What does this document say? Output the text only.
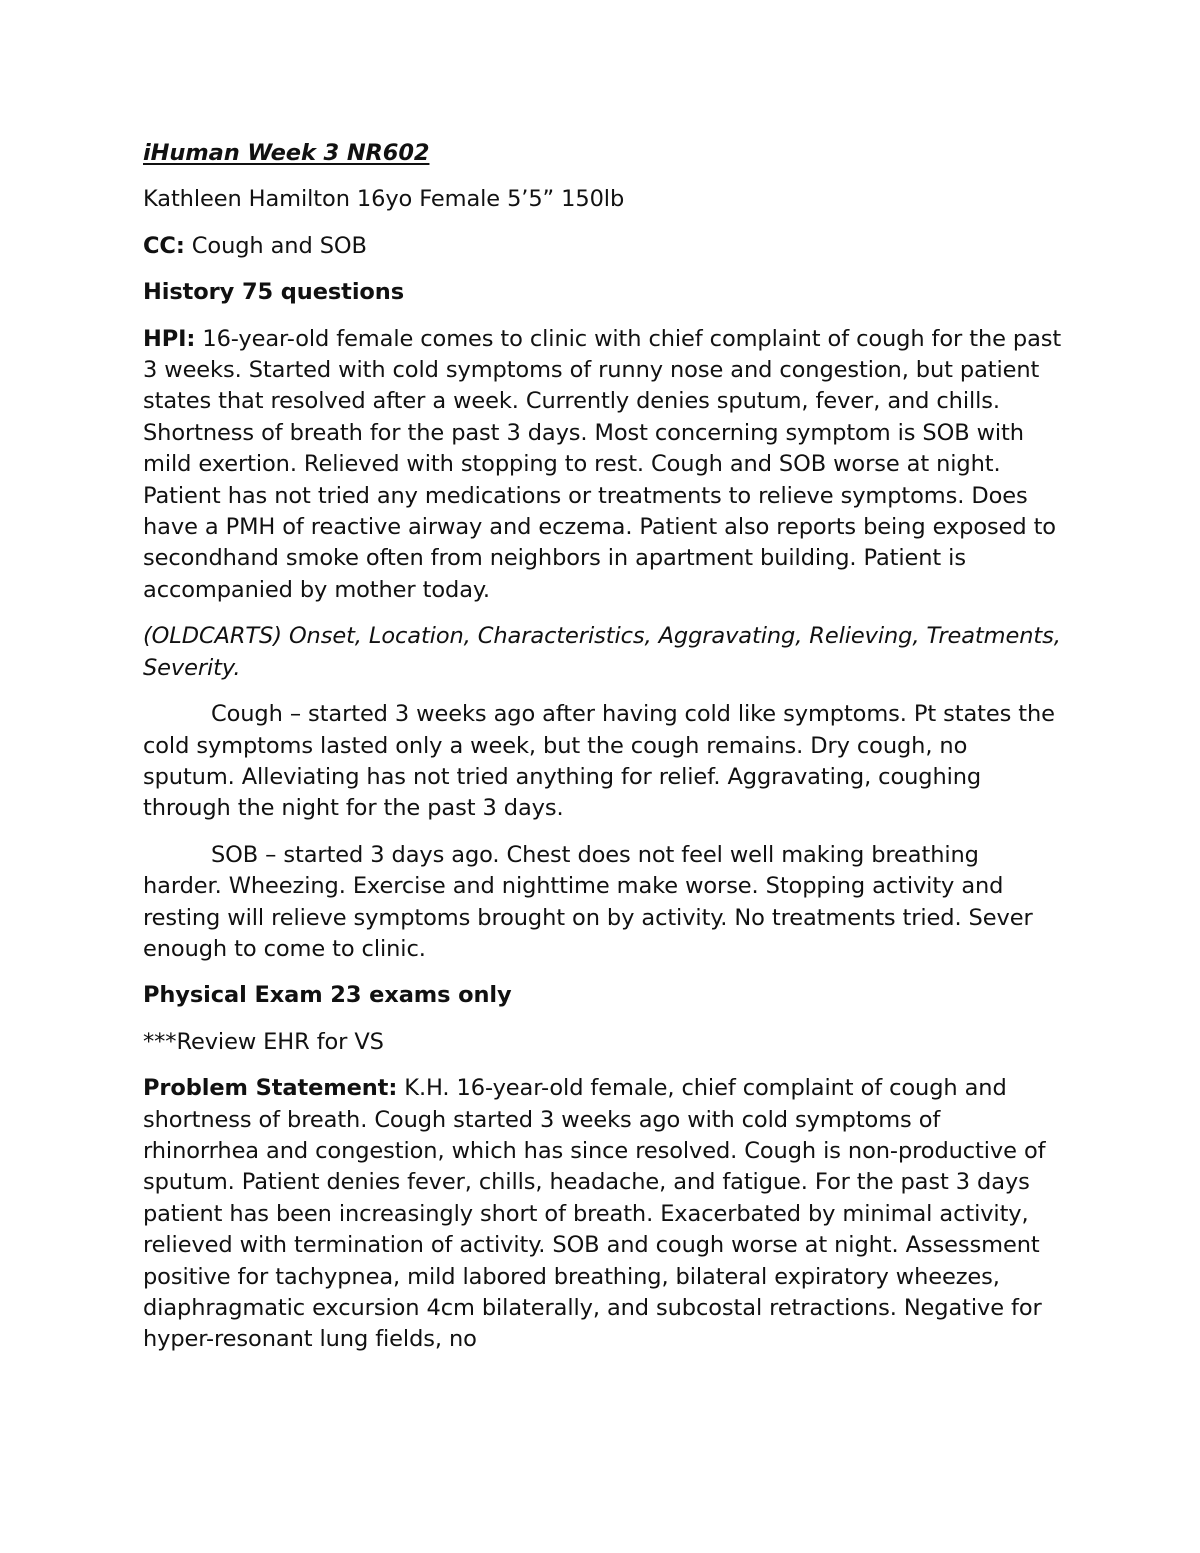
iHuman Week 3 NR602

Kathleen Hamilton 16yo Female 5’5” 150lb

CC: Cough and SOB

History 75 questions

HPI: 16-year-old female comes to clinic with chief complaint of cough for the past 3 weeks. Started with cold symptoms of runny nose and congestion, but patient states that resolved after a week. Currently denies sputum, fever, and chills. Shortness of breath for the past 3 days. Most concerning symptom is SOB with mild exertion. Relieved with stopping to rest. Cough and SOB worse at night. Patient has not tried any medications or treatments to relieve symptoms. Does have a PMH of reactive airway and eczema. Patient also reports being exposed to secondhand smoke often from neighbors in apartment building. Patient is accompanied by mother today.

(OLDCARTS) Onset, Location, Characteristics, Aggravating, Relieving, Treatments, Severity.

Cough – started 3 weeks ago after having cold like symptoms. Pt states the cold symptoms lasted only a week, but the cough remains. Dry cough, no sputum. Alleviating has not tried anything for relief. Aggravating, coughing through the night for the past 3 days.

SOB – started 3 days ago. Chest does not feel well making breathing harder. Wheezing. Exercise and nighttime make worse. Stopping activity and resting will relieve symptoms brought on by activity. No treatments tried. Sever enough to come to clinic.

Physical Exam 23 exams only

***Review EHR for VS

Problem Statement: K.H. 16-year-old female, chief complaint of cough and shortness of breath. Cough started 3 weeks ago with cold symptoms of rhinorrhea and congestion, which has since resolved. Cough is non-productive of sputum. Patient denies fever, chills, headache, and fatigue. For the past 3 days patient has been increasingly short of breath. Exacerbated by minimal activity, relieved with termination of activity. SOB and cough worse at night. Assessment positive for tachypnea, mild labored breathing, bilateral expiratory wheezes, diaphragmatic excursion 4cm bilaterally, and subcostal retractions. Negative for hyper-resonant lung fields, no
